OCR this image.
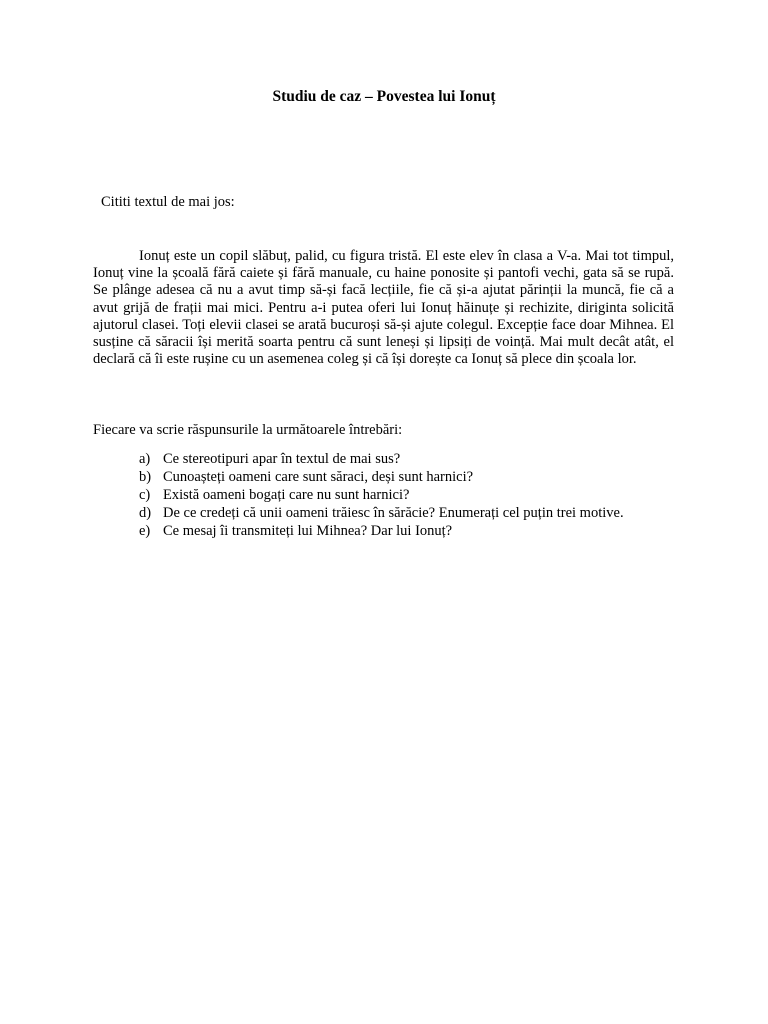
Studiu de caz – Povestea lui Ionuț
Cititi textul de mai jos:

Ionuț este un copil slăbuț, palid, cu figura tristă. El este elev în clasa a V-a. Mai tot timpul, Ionuț vine la școală fără caiete și fără manuale, cu haine ponosite și pantofi vechi, gata să se rupă. Se plânge adesea că nu a avut timp să-și facă lecțiile, fie că și-a ajutat părinții la muncă, fie că a avut grijă de frații mai mici. Pentru a-i putea oferi lui Ionuț hăinuțe și rechizite, diriginta solicită ajutorul clasei. Toți elevii clasei se arată bucuroși să-și ajute colegul. Excepție face doar Mihnea. El susține că săracii își merită soarta pentru că sunt leneși și lipsiți de voință. Mai mult decât atât, el declară că îi este rușine cu un asemenea coleg și că își dorește ca Ionuț să plece din școala lor.

Fiecare va scrie răspunsurile la următoarele întrebări:
a) Ce stereotipuri apar în textul de mai sus?
b) Cunoașteți oameni care sunt săraci, deși sunt harnici?
c) Există oameni bogați care nu sunt harnici?
d) De ce credeți că unii oameni trăiesc în sărăcie? Enumerați cel puțin trei motive.
e) Ce mesaj îi transmiteți lui Mihnea? Dar lui Ionuț?
